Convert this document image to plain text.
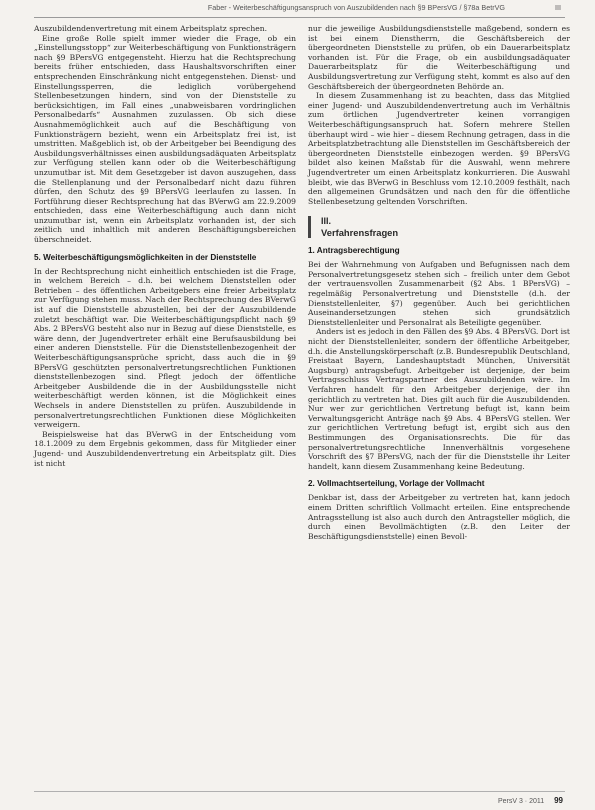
Faber - Weiterbeschäftigungsanspruch von Auszubildenden nach §9 BPersVG / §78a BetrVG	III

Auszubildendenvertretung mit einem Arbeitsplatz sprechen.

Eine große Rolle spielt immer wieder die Frage, ob ein „Einstellungsstopp“ zur Weiterbeschäftigung von Funktionsträgern nach §9 BPersVG entgegensteht. Hierzu hat die Rechtsprechung bereits früher entschieden, dass Haushaltsvorschriften einer entsprechenden Einschränkung nicht entgegenstehen. Dienst- und Einstellungssperren, die lediglich vorübergehend Stellenbesetzungen hindern, sind von der Dienststelle zu berücksichtigen, im Fall eines „unabweisbaren vordringlichen Personalbedarfs“ Ausnahmen zuzulassen. Ob sich diese Ausnahmemöglichkeit auch auf die Beschäftigung von Funktionsträgern bezieht, wenn ein Arbeitsplatz frei ist, ist umstritten. Maßgeblich ist, ob der Arbeitgeber bei Beendigung des Ausbildungsverhältnisses einen ausbildungsadäquaten Arbeitsplatz zur Verfügung stellen kann oder ob die Weiterbeschäftigung unzumutbar ist. Mit dem Gesetzgeber ist davon auszugehen, dass die Stellenplanung und der Personalbedarf nicht dazu führen dürfen, den Schutz des §9 BPersVG leerlaufen zu lassen. In Fortführung dieser Rechtsprechung hat das BVerwG am 22.9.2009 entschieden, dass eine Weiterbeschäftigung auch dann nicht unzumutbar ist, wenn ein Arbeitsplatz vorhanden ist, der sich zeitlich und inhaltlich mit anderen Beschäftigungsbereichen überschneidet.

5. Weiterbeschäftigungsmöglichkeiten in der Dienststelle

In der Rechtsprechung nicht einheitlich entschieden ist die Frage, in welchem Bereich – d.h. bei welchem Dienststellen oder Betrieben – des öffentlichen Arbeitgebers eine freier Arbeitsplatz zur Verfügung stehen muss. Nach der Rechtsprechung des BVerwG ist auf die Dienststelle abzustellen, bei der der Auszubildende zuletzt beschäftigt war. Die Weiterbeschäftigungspflicht nach §9 Abs. 2 BPersVG besteht also nur in Bezug auf diese Dienststelle, es wäre denn, der Jugendvertreter erhält eine Berufsausbildung bei einer anderen Dienststelle. Für die Dienststellenbezogenheit der Weiterbeschäftigungsansprüche spricht, dass auch die in §9 BPersVG geschützten personalvertretungsrechtlichen Funktionen dienststellenbezogen sind. Pflegt jedoch der öffentliche Arbeitgeber Ausbildende die in der Ausbildungsstelle nicht weiterbeschäftigt werden können, ist die Möglichkeit eines Wechsels in andere Dienststellen zu prüfen. Auszubildende in personalvertretungsrechtlichen Funktionen diese Möglichkeiten verweigern.

Beispielsweise hat das BVerwG in der Entscheidung vom 18.1.2009 zu dem Ergebnis gekommen, dass für Mitglieder einer Jugend- und Auszubildendenvertretung ein Arbeitsplatz gilt. Dies ist nicht

nur die jeweilige Ausbildungsdienststelle maßgebend, sondern es ist bei einem Dienstherrn, die Geschäftsbereich der übergeordneten Dienststelle zu prüfen, ob ein Dauerarbeitsplatz vorhanden ist. Für die Frage, ob ein ausbildungsadäquater Dauerarbeitsplatz für die Weiterbeschäftigung und Ausbildungsvertretung zur Verfügung steht, kommt es also auf den Geschäftsbereich der übergeordneten Behörde an.

In diesem Zusammenhang ist zu beachten, dass das Mitglied einer Jugend- und Auszubildendenvertretung auch im Verhältnis zum örtlichen Jugendvertreter keinen vorrangigen Weiterbeschäftigungsanspruch hat. Sofern mehrere Stellen überhaupt wird – wie hier – diesem Rechnung getragen, dass in die Arbeitsplatzbetrachtung alle Dienststellen im Geschäftsbereich der übergeordneten Dienststelle einbezogen werden. §9 BPersVG bildet also keinen Maßstab für die Auswahl, wenn mehrere Jugendvertreter um einen Arbeitsplatz konkurrieren. Die Auswahl bleibt, wie das BVerwG in Beschluss vom 12.10.2009 festhält, nach den allgemeinen Grundsätzen und nach den für die öffentliche Stellenbesetzung geltenden Vorschriften.

III.
Verfahrensfragen
1. Antragsberechtigung

Bei der Wahrnehmung von Aufgaben und Befugnissen nach dem Personalvertretungsgesetz stehen sich – freilich unter dem Gebot der vertrauensvollen Zusammenarbeit (§2 Abs. 1 BPersVG) – regelmäßig Personalvertretung und Dienststelle (d.h. der Dienststellenleiter, §7) gegenüber. Auch bei gerichtlichen Auseinandersetzungen stehen sich grundsätzlich Dienststellenleiter und Personalrat als Beteiligte gegenüber.

Anders ist es jedoch in den Fällen des §9 Abs. 4 BPersVG. Dort ist nicht der Dienststellenleiter, sondern der öffentliche Arbeitgeber, d.h. die Anstellungskörperschaft (z.B. Bundesrepublik Deutschland, Freistaat Bayern, Landeshauptstadt München, Universität Augsburg) antragsbefugt. Arbeitgeber ist derjenige, der beim Vertragsschluss Vertragspartner des Auszubildenden wäre. Im Verfahren handelt für den Arbeitgeber derjenige, der ihn gerichtlich zu vertreten hat. Dies gilt auch für die Auszubildenden. Nur wer zur gerichtlichen Vertretung befugt ist, kann beim Verwaltungsgericht Anträge nach §9 Abs. 4 BPersVG stellen. Wer zur gerichtlichen Vertretung befugt ist, ergibt sich aus den Bestimmungen des Organisationsrechts. Die für das personalvertretungsrechtliche Innenverhältnis vorgesehene Vorschrift des §7 BPersVG, nach der für die Dienststelle ihr Leiter handelt, kann diesem Zusammenhang keine Bedeutung.

2. Vollmachtserteilung, Vorlage der Vollmacht

Denkbar ist, dass der Arbeitgeber zu vertreten hat, kann jedoch einem Dritten schriftlich Vollmacht erteilen. Eine entsprechende Antragsstellung ist also auch durch den Antragsteller möglich, die durch einen Bevollmächtigten (z.B. den Leiter der Beschäftigungsdienststelle) einen Bevoll-

PersV 3 · 2011 99
